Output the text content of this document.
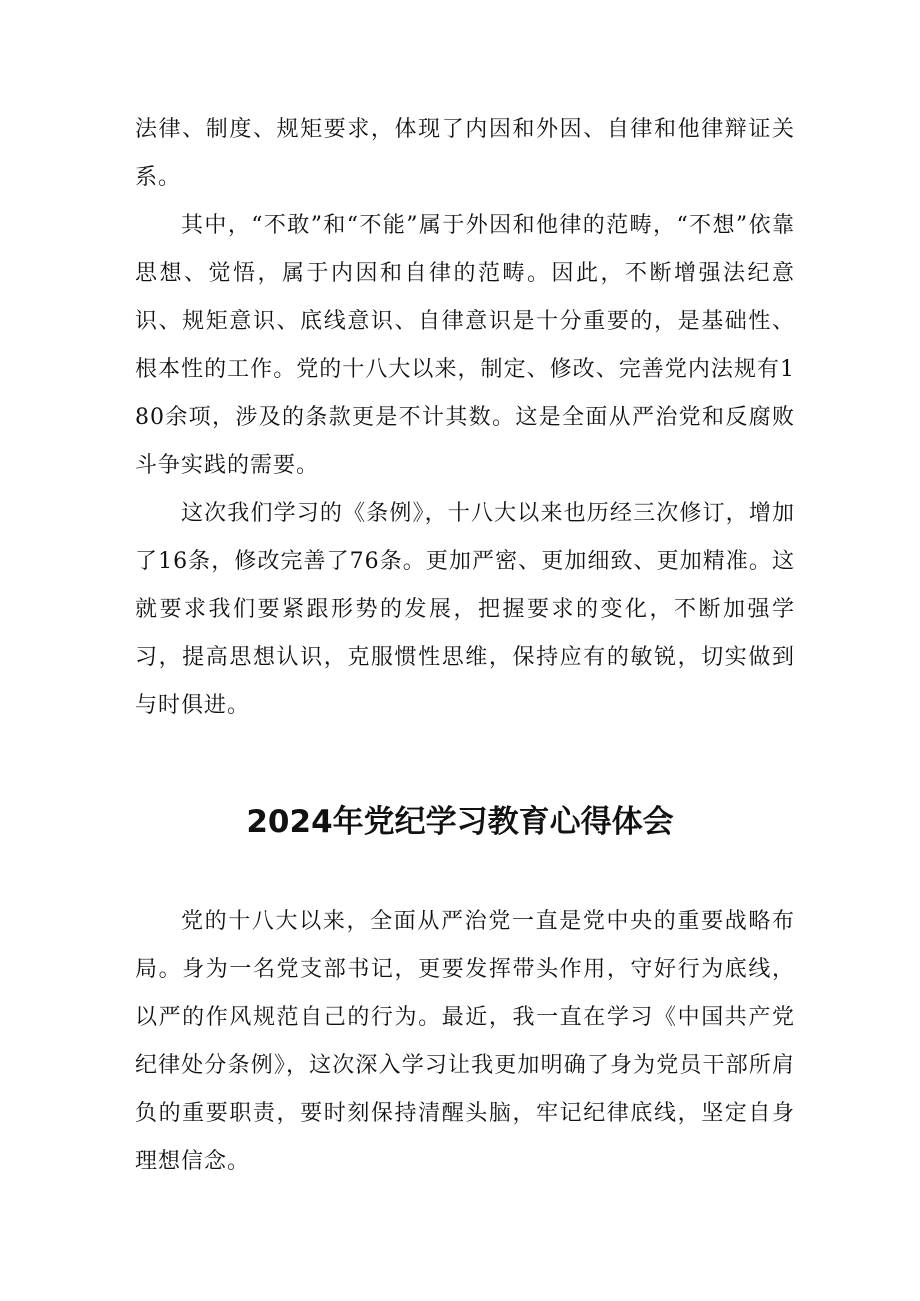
法律、制度、规矩要求，体现了内因和外因、自律和他律辩证关系。

其中，“不敢”和“不能”属于外因和他律的范畴，“不想”依靠思想、觉悟，属于内因和自律的范畴。因此，不断增强法纪意识、规矩意识、底线意识、自律意识是十分重要的，是基础性、根本性的工作。党的十八大以来，制定、修改、完善党内法规有180余项，涉及的条款更是不计其数。这是全面从严治党和反腐败斗争实践的需要。

这次我们学习的《条例》，十八大以来也历经三次修订，增加了16条，修改完善了76条。更加严密、更加细致、更加精准。这就要求我们要紧跟形势的发展，把握要求的变化，不断加强学习，提高思想认识，克服惯性思维，保持应有的敏锐，切实做到与时俱进。

2024年党纪学习教育心得体会

党的十八大以来，全面从严治党一直是党中央的重要战略布局。身为一名党支部书记，更要发挥带头作用，守好行为底线，以严的作风规范自己的行为。最近，我一直在学习《中国共产党纪律处分条例》，这次深入学习让我更加明确了身为党员干部所肩负的重要职责，要时刻保持清醒头脑，牢记纪律底线，坚定自身理想信念。
